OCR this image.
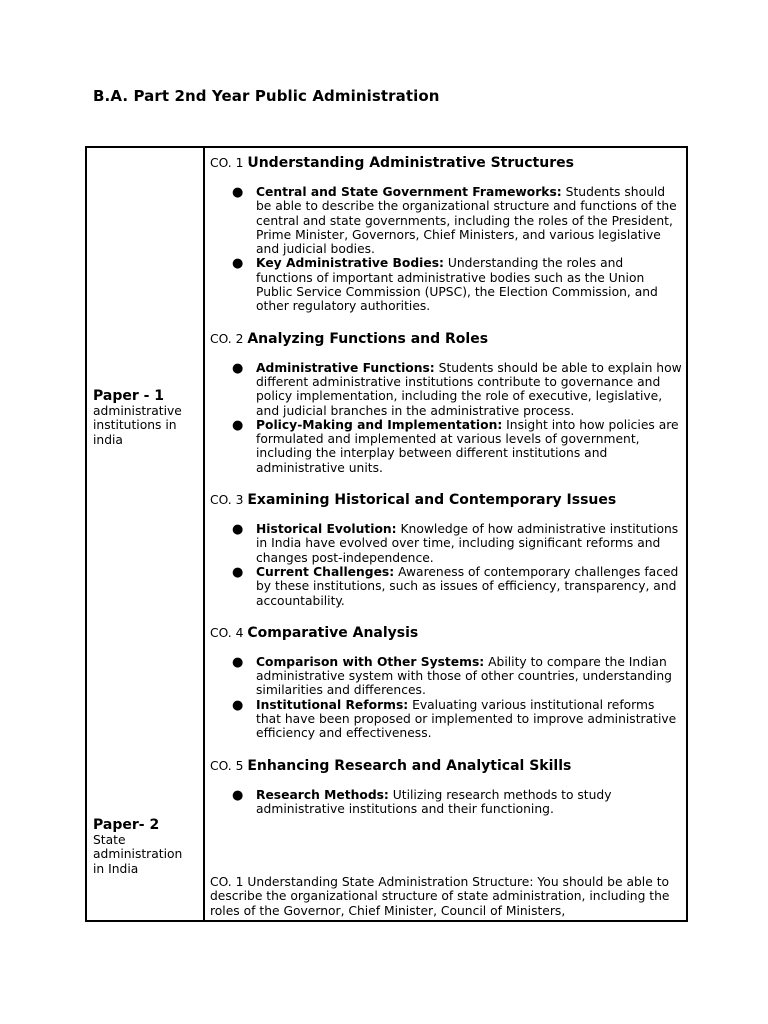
B.A. Part 2nd Year Public Administration
Paper - 1
administrative institutions in india
Paper- 2
State administration in India
CO. 1 Understanding Administrative Structures
● Central and State Government Frameworks: Students should be able to describe the organizational structure and functions of the central and state governments, including the roles of the President, Prime Minister, Governors, Chief Ministers, and various legislative and judicial bodies.
● Key Administrative Bodies: Understanding the roles and functions of important administrative bodies such as the Union Public Service Commission (UPSC), the Election Commission, and other regulatory authorities.
CO. 2 Analyzing Functions and Roles
● Administrative Functions: Students should be able to explain how different administrative institutions contribute to governance and policy implementation, including the role of executive, legislative, and judicial branches in the administrative process.
● Policy-Making and Implementation: Insight into how policies are formulated and implemented at various levels of government, including the interplay between different institutions and administrative units.
CO. 3 Examining Historical and Contemporary Issues
● Historical Evolution: Knowledge of how administrative institutions in India have evolved over time, including significant reforms and changes post-independence.
● Current Challenges: Awareness of contemporary challenges faced by these institutions, such as issues of efficiency, transparency, and accountability.
CO. 4 Comparative Analysis
● Comparison with Other Systems: Ability to compare the Indian administrative system with those of other countries, understanding similarities and differences.
● Institutional Reforms: Evaluating various institutional reforms that have been proposed or implemented to improve administrative efficiency and effectiveness.
CO. 5 Enhancing Research and Analytical Skills
● Research Methods: Utilizing research methods to study administrative institutions and their functioning.
CO. 1 Understanding State Administration Structure: You should be able to describe the organizational structure of state administration, including the roles of the Governor, Chief Minister, Council of Ministers,
